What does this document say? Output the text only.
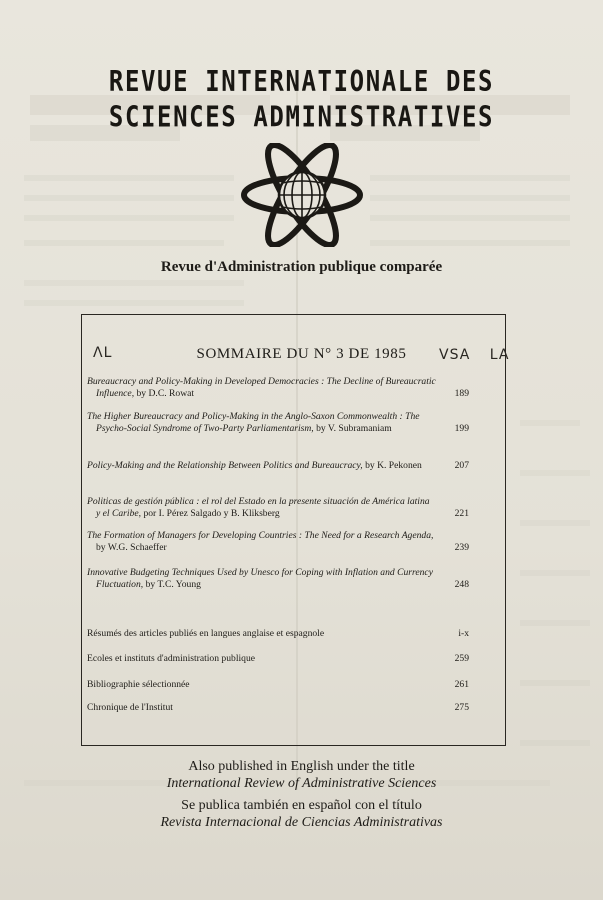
REVUE INTERNATIONALE DES
SCIENCES ADMINISTRATIVES
Revue d'Administration publique comparée
ᐱᒪ	VSA LA
SOMMAIRE DU N° 3 DE 1985
Bureaucracy and Policy-Making in Developed Democracies : The Decline of Bureaucratic Influence, by D.C. Rowat	189
The Higher Bureaucracy and Policy-Making in the Anglo-Saxon Commonwealth : The Psycho-Social Syndrome of Two-Party Parliamentarism, by V. Subramaniam	199
Policy-Making and the Relationship Between Politics and Bureaucracy, by K. Pekonen	207
Politicas de gestión pública : el rol del Estado en la presente situación de América latina y el Caribe, por I. Pérez Salgado y B. Kliksberg	221
The Formation of Managers for Developing Countries : The Need for a Research Agenda, by W.G. Schaeffer	239
Innovative Budgeting Techniques Used by Unesco for Coping with Inflation and Currency Fluctuation, by T.C. Young	248
Résumés des articles publiés en langues anglaise et espagnole	i-x
Ecoles et instituts d'administration publique	259
Bibliographie sélectionnée	261
Chronique de l'Institut	275
Also published in English under the title
International Review of Administrative Sciences
Se publica también en español con el título
Revista Internacional de Ciencias Administrativas
